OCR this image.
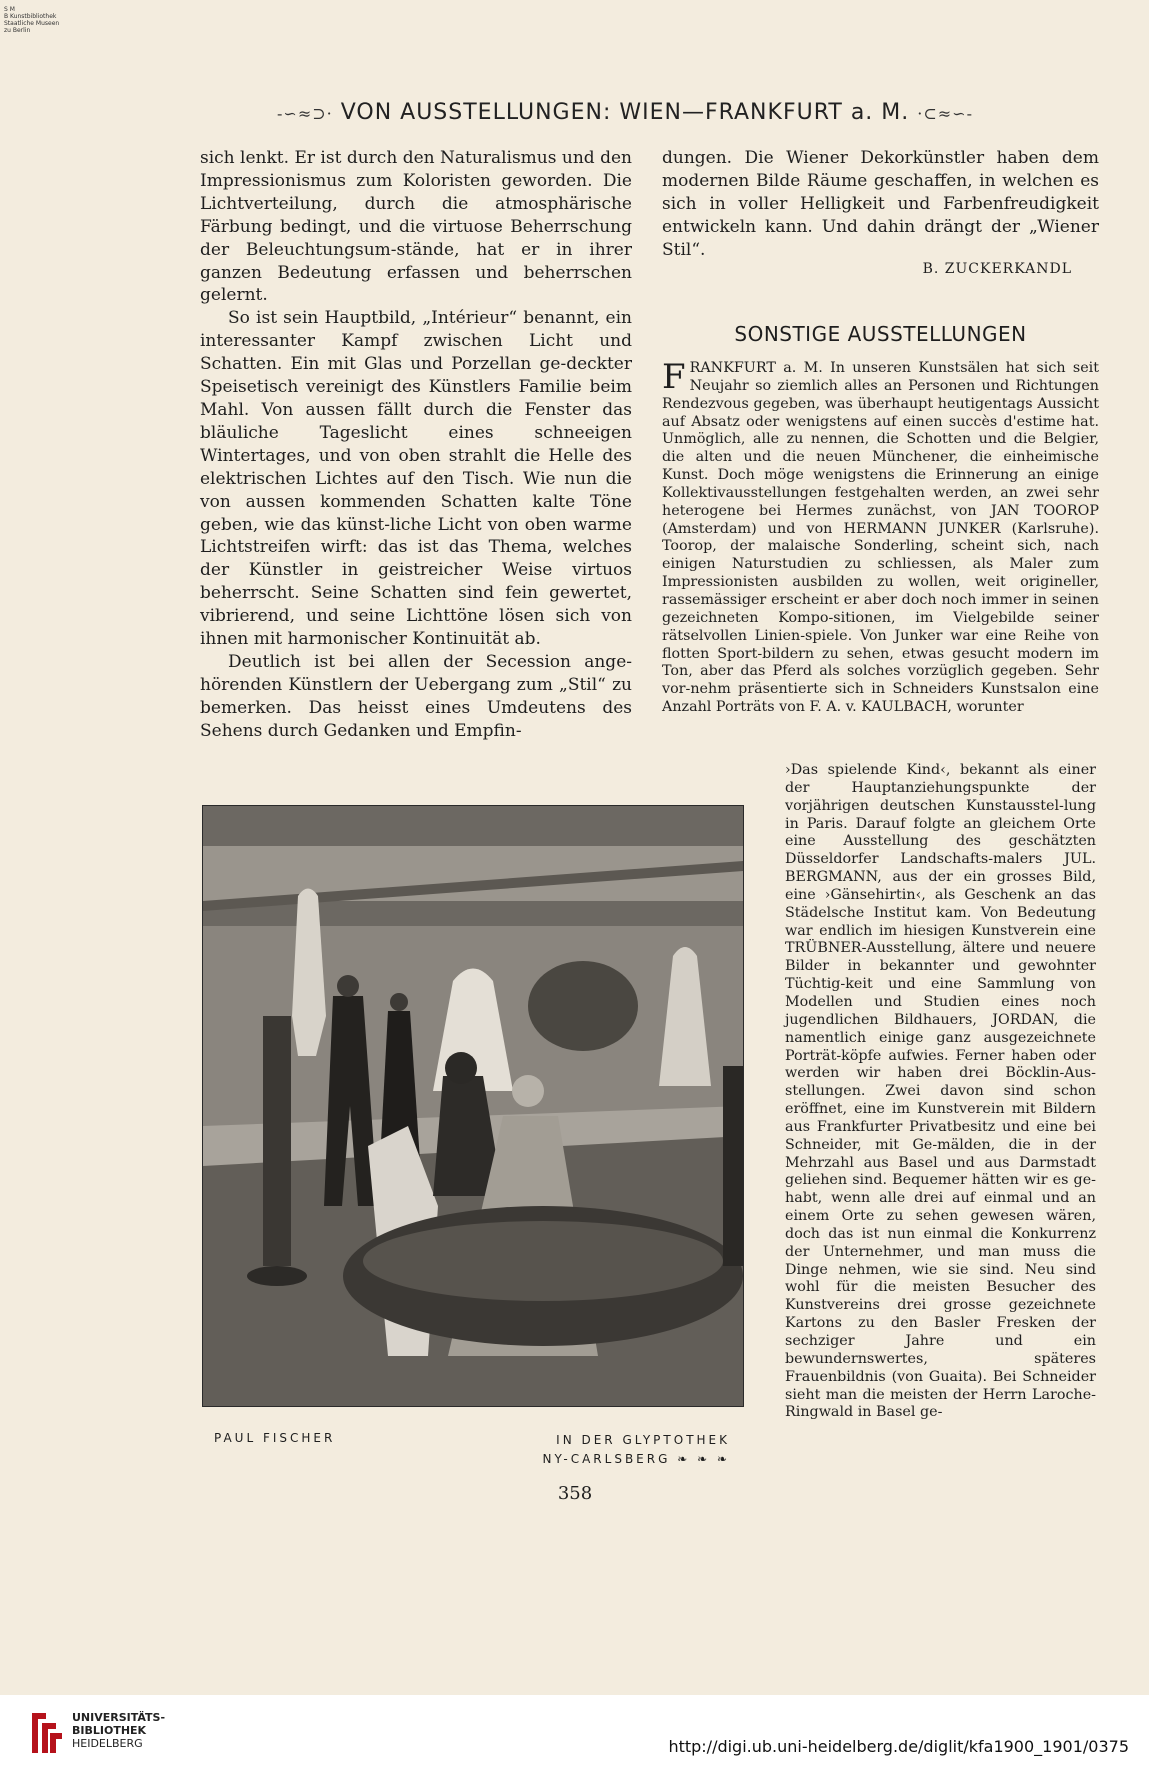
S M
B Kunstbibliothek
Staatliche Museen
zu Berlin
-∽≈⊃· VON AUSSTELLUNGEN: WIEN—FRANKFURT a. M. ·⊂≈∽-

sich lenkt. Er ist durch den Naturalismus und den Impressionismus zum Koloristen geworden. Die Lichtverteilung, durch die atmosphärische Färbung bedingt, und die virtuose Beherrschung der Beleuchtungsum-stände, hat er in ihrer ganzen Bedeutung erfassen und beherrschen gelernt.

So ist sein Hauptbild, „Intérieur“ benannt, ein interessanter Kampf zwischen Licht und Schatten. Ein mit Glas und Porzellan ge-deckter Speisetisch vereinigt des Künstlers Familie beim Mahl. Von aussen fällt durch die Fenster das bläuliche Tageslicht eines schneeigen Wintertages, und von oben strahlt die Helle des elektrischen Lichtes auf den Tisch. Wie nun die von aussen kommenden Schatten kalte Töne geben, wie das künst-liche Licht von oben warme Lichtstreifen wirft: das ist das Thema, welches der Künstler in geistreicher Weise virtuos beherrscht. Seine Schatten sind fein gewertet, vibrierend, und seine Lichttöne lösen sich von ihnen mit harmonischer Kontinuität ab.

Deutlich ist bei allen der Secession ange-hörenden Künstlern der Uebergang zum „Stil“ zu bemerken. Das heisst eines Umdeutens des Sehens durch Gedanken und Empfin-

dungen. Die Wiener Dekorkünstler haben dem modernen Bilde Räume geschaffen, in welchen es sich in voller Helligkeit und Farbenfreudigkeit entwickeln kann. Und dahin drängt der „Wiener Stil“.

B. ZUCKERKANDL
SONSTIGE AUSSTELLUNGEN

FRANKFURT a. M. In unseren Kunstsälen hat sich seit Neujahr so ziemlich alles an Personen und Richtungen Rendezvous gegeben, was überhaupt heutigentags Aussicht auf Absatz oder wenigstens auf einen succès d'estime hat. Unmöglich, alle zu nennen, die Schotten und die Belgier, die alten und die neuen Münchener, die einheimische Kunst. Doch möge wenigstens die Erinnerung an einige Kollektivausstellungen festgehalten werden, an zwei sehr heterogene bei Hermes zunächst, von JAN TOOROP (Amsterdam) und von HERMANN JUNKER (Karlsruhe). Toorop, der malaische Sonderling, scheint sich, nach einigen Naturstudien zu schliessen, als Maler zum Impressionisten ausbilden zu wollen, weit origineller, rassemässiger erscheint er aber doch noch immer in seinen gezeichneten Kompo-sitionen, im Vielgebilde seiner rätselvollen Linien-spiele. Von Junker war eine Reihe von flotten Sport-bildern zu sehen, etwas gesucht modern im Ton, aber das Pferd als solches vorzüglich gegeben. Sehr vor-nehm präsentierte sich in Schneiders Kunstsalon eine Anzahl Porträts von F. A. v. KAULBACH, worunter

›Das spielende Kind‹, bekannt als einer der Hauptanziehungspunkte der vorjährigen deutschen Kunstausstel-lung in Paris. Darauf folgte an gleichem Orte eine Ausstellung des geschätzten Düsseldorfer Landschafts-malers JUL. BERGMANN, aus der ein grosses Bild, eine ›Gänsehirtin‹, als Geschenk an das Städelsche Institut kam. Von Bedeutung war endlich im hiesigen Kunstverein eine TRÜBNER-Ausstellung, ältere und neuere Bilder in bekannter und gewohnter Tüchtig-keit und eine Sammlung von Modellen und Studien eines noch jugendlichen Bildhauers, JORDAN, die namentlich einige ganz ausgezeichnete Porträt-köpfe aufwies. Ferner haben oder werden wir haben drei Böcklin-Aus-stellungen. Zwei davon sind schon eröffnet, eine im Kunstverein mit Bildern aus Frankfurter Privatbesitz und eine bei Schneider, mit Ge-mälden, die in der Mehrzahl aus Basel und aus Darmstadt geliehen sind. Bequemer hätten wir es ge-habt, wenn alle drei auf einmal und an einem Orte zu sehen gewesen wären, doch das ist nun einmal die Konkurrenz der Unternehmer, und man muss die Dinge nehmen, wie sie sind. Neu sind wohl für die meisten Besucher des Kunstvereins drei grosse gezeichnete Kartons zu den Basler Fresken der sechziger Jahre und ein bewundernswertes, späteres Frauenbildnis (von Guaita). Bei Schneider sieht man die meisten der Herrn Laroche-Ringwald in Basel ge-

PAUL FISCHER	IN DER GLYPTOTHEK
NY-CARLSBERG ❧ ❧ ❧
358
UNIVERSITÄTS-
BIBLIOTHEK
HEIDELBERG	http://digi.ub.uni-heidelberg.de/diglit/kfa1900_1901/0375
